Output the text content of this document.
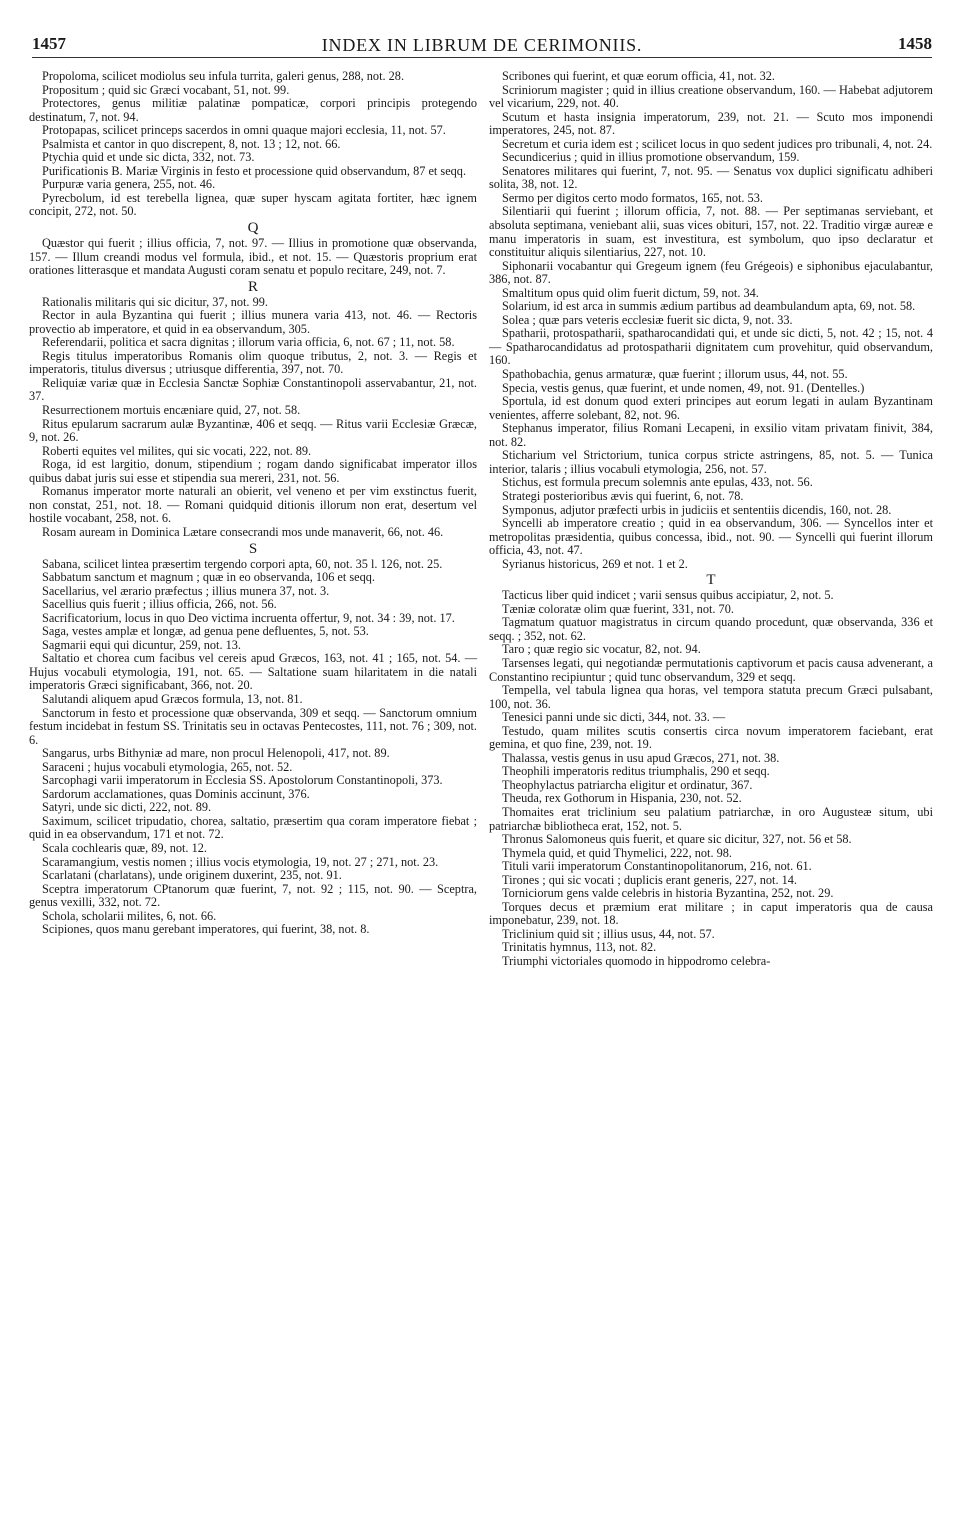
1457	INDEX IN LIBRUM DE CERIMONIIS.	1458

Propoloma, scilicet modiolus seu infula turrita, galeri genus, 288, not. 28.

Propositum ; quid sic Græci vocabant, 51, not. 99.

Protectores, genus militiæ palatinæ pompaticæ, corpori principis protegendo destinatum, 7, not. 94.

Protopapas, scilicet princeps sacerdos in omni quaque majori ecclesia, 11, not. 57.

Psalmista et cantor in quo discrepent, 8, not. 13 ; 12, not. 66.

Ptychia quid et unde sic dicta, 332, not. 73.

Purificationis B. Mariæ Virginis in festo et processione quid observandum, 87 et seqq.

Purpuræ varia genera, 255, not. 46.

Pyrecbolum, id est terebella lignea, quæ super hyscam agitata fortiter, hæc ignem concipit, 272, not. 50.

Q

Quæstor qui fuerit ; illius officia, 7, not. 97. — Illius in promotione quæ observanda, 157. — Illum creandi modus vel formula, ibid., et not. 15. — Quæstoris proprium erat orationes litterasque et mandata Augusti coram senatu et populo recitare, 249, not. 7.

R

Rationalis militaris qui sic dicitur, 37, not. 99.

Rector in aula Byzantina qui fuerit ; illius munera varia 413, not. 46. — Rectoris provectio ab imperatore, et quid in ea observandum, 305.

Referendarii, politica et sacra dignitas ; illorum varia officia, 6, not. 67 ; 11, not. 58.

Regis titulus imperatoribus Romanis olim quoque tributus, 2, not. 3. — Regis et imperatoris, titulus diversus ; utriusque differentia, 397, not. 70.

Reliquiæ variæ quæ in Ecclesia Sanctæ Sophiæ Constantinopoli asservabantur, 21, not. 37.

Resurrectionem mortuis encæniare quid, 27, not. 58.

Ritus epularum sacrarum aulæ Byzantinæ, 406 et seqq. — Ritus varii Ecclesiæ Græcæ, 9, not. 26.

Roberti equites vel milites, qui sic vocati, 222, not. 89.

Roga, id est largitio, donum, stipendium ; rogam dando significabat imperator illos quibus dabat juris sui esse et stipendia sua mereri, 231, not. 56.

Romanus imperator morte naturali an obierit, vel veneno et per vim exstinctus fuerit, non constat, 251, not. 18. — Romani quidquid ditionis illorum non erat, desertum vel hostile vocabant, 258, not. 6.

Rosam auream in Dominica Lætare consecrandi mos unde manaverit, 66, not. 46.

S

Sabana, scilicet lintea præsertim tergendo corpori apta, 60, not. 35 l. 126, not. 25.

Sabbatum sanctum et magnum ; quæ in eo observanda, 106 et seqq.

Sacellarius, vel ærario præfectus ; illius munera 37, not. 3.

Sacellius quis fuerit ; illius officia, 266, not. 56.

Sacrificatorium, locus in quo Deo victima incruenta offertur, 9, not. 34 : 39, not. 17.

Saga, vestes amplæ et longæ, ad genua pene defluentes, 5, not. 53.

Sagmarii equi qui dicuntur, 259, not. 13.

Saltatio et chorea cum facibus vel cereis apud Græcos, 163, not. 41 ; 165, not. 54. — Hujus vocabuli etymologia, 191, not. 65. — Saltatione suam hilaritatem in die natali imperatoris Græci significabant, 366, not. 20.

Salutandi aliquem apud Græcos formula, 13, not. 81.

Sanctorum in festo et processione quæ observanda, 309 et seqq. — Sanctorum omnium festum incidebat in festum SS. Trinitatis seu in octavas Pentecostes, 111, not. 76 ; 309, not. 6.

Sangarus, urbs Bithyniæ ad mare, non procul Helenopoli, 417, not. 89.

Saraceni ; hujus vocabuli etymologia, 265, not. 52.

Sarcophagi varii imperatorum in Ecclesia SS. Apostolorum Constantinopoli, 373.

Sardorum acclamationes, quas Dominis accinunt, 376.

Satyri, unde sic dicti, 222, not. 89.

Saximum, scilicet tripudatio, chorea, saltatio, præsertim qua coram imperatore fiebat ; quid in ea observandum, 171 et not. 72.

Scala cochlearis quæ, 89, not. 12.

Scaramangium, vestis nomen ; illius vocis etymologia, 19, not. 27 ; 271, not. 23.

Scarlatani (charlatans), unde originem duxerint, 235, not. 91.

Sceptra imperatorum CPtanorum quæ fuerint, 7, not. 92 ; 115, not. 90. — Sceptra, genus vexilli, 332, not. 72.

Schola, scholarii milites, 6, not. 66.

Scipiones, quos manu gerebant imperatores, qui fuerint, 38, not. 8.

Scribones qui fuerint, et quæ eorum officia, 41, not. 32.

Scriniorum magister ; quid in illius creatione observandum, 160. — Habebat adjutorem vel vicarium, 229, not. 40.

Scutum et hasta insignia imperatorum, 239, not. 21. — Scuto mos imponendi imperatores, 245, not. 87.

Secretum et curia idem est ; scilicet locus in quo sedent judices pro tribunali, 4, not. 24.

Secundicerius ; quid in illius promotione observandum, 159.

Senatores militares qui fuerint, 7, not. 95. — Senatus vox duplici significatu adhiberi solita, 38, not. 12.

Sermo per digitos certo modo formatos, 165, not. 53.

Silentiarii qui fuerint ; illorum officia, 7, not. 88. — Per septimanas serviebant, et absoluta septimana, veniebant alii, suas vices obituri, 157, not. 22. Traditio virgæ aureæ e manu imperatoris in suam, est investitura, est symbolum, quo ipso declaratur et constituitur aliquis silentiarius, 227, not. 10.

Siphonarii vocabantur qui Gregeum ignem (feu Grégeois) e siphonibus ejaculabantur, 386, not. 87.

Smaltitum opus quid olim fuerit dictum, 59, not. 34.

Solarium, id est arca in summis ædium partibus ad deambulandum apta, 69, not. 58.

Solea ; quæ pars veteris ecclesiæ fuerit sic dicta, 9, not. 33.

Spatharii, protospatharii, spatharocandidati qui, et unde sic dicti, 5, not. 42 ; 15, not. 4 — Spatharocandidatus ad protospatharii dignitatem cum provehitur, quid observandum, 160.

Spathobachia, genus armaturæ, quæ fuerint ; illorum usus, 44, not. 55.

Specia, vestis genus, quæ fuerint, et unde nomen, 49, not. 91. (Dentelles.)

Sportula, id est donum quod exteri principes aut eorum legati in aulam Byzantinam venientes, afferre solebant, 82, not. 96.

Stephanus imperator, filius Romani Lecapeni, in exsilio vitam privatam finivit, 384, not. 82.

Sticharium vel Strictorium, tunica corpus stricte astringens, 85, not. 5. — Tunica interior, talaris ; illius vocabuli etymologia, 256, not. 57.

Stichus, est formula precum solemnis ante epulas, 433, not. 56.

Strategi posterioribus ævis qui fuerint, 6, not. 78.

Symponus, adjutor præfecti urbis in judiciis et sententiis dicendis, 160, not. 28.

Syncelli ab imperatore creatio ; quid in ea observandum, 306. — Syncellos inter et metropolitas præsidentia, quibus concessa, ibid., not. 90. — Syncelli qui fuerint illorum officia, 43, not. 47.

Syrianus historicus, 269 et not. 1 et 2.

T

Tacticus liber quid indicet ; varii sensus quibus accipiatur, 2, not. 5.

Tæniæ coloratæ olim quæ fuerint, 331, not. 70.

Tagmatum quatuor magistratus in circum quando procedunt, quæ observanda, 336 et seqq. ; 352, not. 62.

Taro ; quæ regio sic vocatur, 82, not. 94.

Tarsenses legati, qui negotiandæ permutationis captivorum et pacis causa advenerant, a Constantino recipiuntur ; quid tunc observandum, 329 et seqq.

Tempella, vel tabula lignea qua horas, vel tempora statuta precum Græci pulsabant, 100, not. 36.

Tenesici panni unde sic dicti, 344, not. 33. —

Testudo, quam milites scutis consertis circa novum imperatorem faciebant, erat gemina, et quo fine, 239, not. 19.

Thalassa, vestis genus in usu apud Græcos, 271, not. 38.

Theophili imperatoris reditus triumphalis, 290 et seqq.

Theophylactus patriarcha eligitur et ordinatur, 367.

Theuda, rex Gothorum in Hispania, 230, not. 52.

Thomaites erat triclinium seu palatium patriarchæ, in oro Augusteæ situm, ubi patriarchæ bibliotheca erat, 152, not. 5.

Thronus Salomoneus quis fuerit, et quare sic dicitur, 327, not. 56 et 58.

Thymela quid, et quid Thymelici, 222, not. 98.

Tituli varii imperatorum Constantinopolitanorum, 216, not. 61.

Tirones ; qui sic vocati ; duplicis erant generis, 227, not. 14.

Torniciorum gens valde celebris in historia Byzantina, 252, not. 29.

Torques decus et præmium erat militare ; in caput imperatoris qua de causa imponebatur, 239, not. 18.

Triclinium quid sit ; illius usus, 44, not. 57.

Trinitatis hymnus, 113, not. 82.

Triumphi victoriales quomodo in hippodromo celebra-
